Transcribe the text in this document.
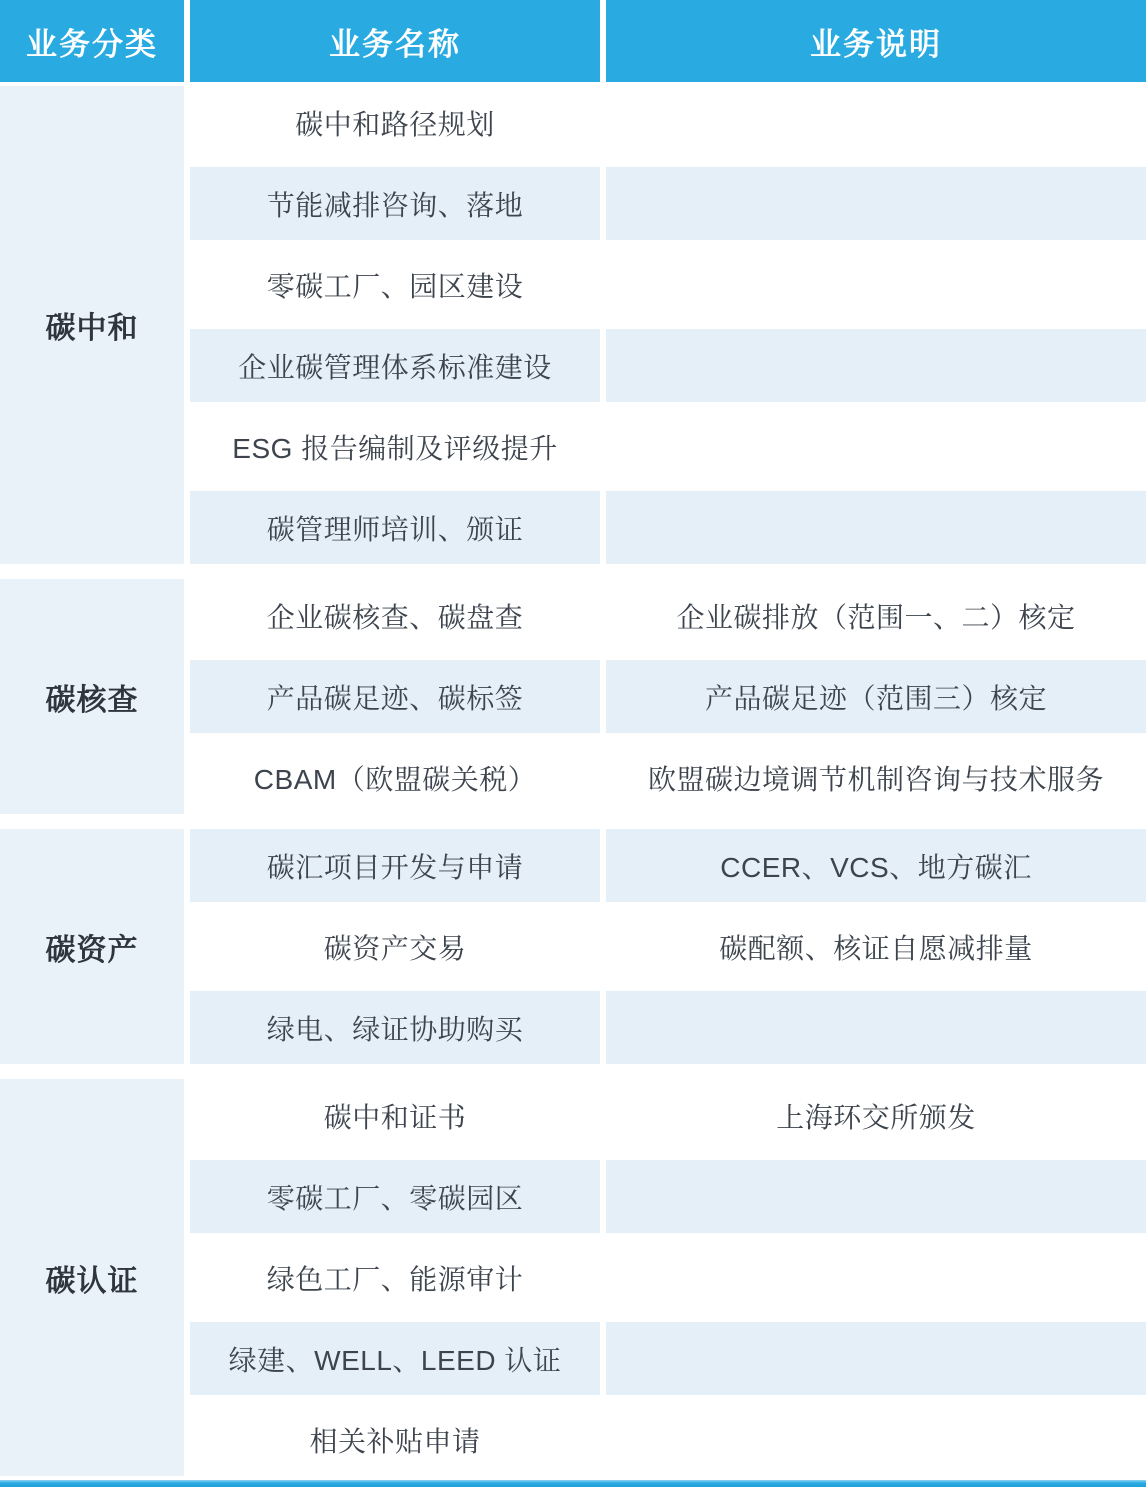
业务分类	业务名称	业务说明
碳中和
碳中和路径规划
节能减排咨询、落地
零碳工厂、园区建设
企业碳管理体系标准建设
ESG 报告编制及评级提升
碳管理师培训、颁证
碳核查
企业碳核查、碳盘查	企业碳排放（范围一、二）核定
产品碳足迹、碳标签	产品碳足迹（范围三）核定
CBAM（欧盟碳关税）	欧盟碳边境调节机制咨询与技术服务
碳资产
碳汇项目开发与申请	CCER、VCS、地方碳汇
碳资产交易	碳配额、核证自愿减排量
绿电、绿证协助购买
碳认证
碳中和证书	上海环交所颁发
零碳工厂、零碳园区
绿色工厂、能源审计
绿建、WELL、LEED 认证
相关补贴申请
